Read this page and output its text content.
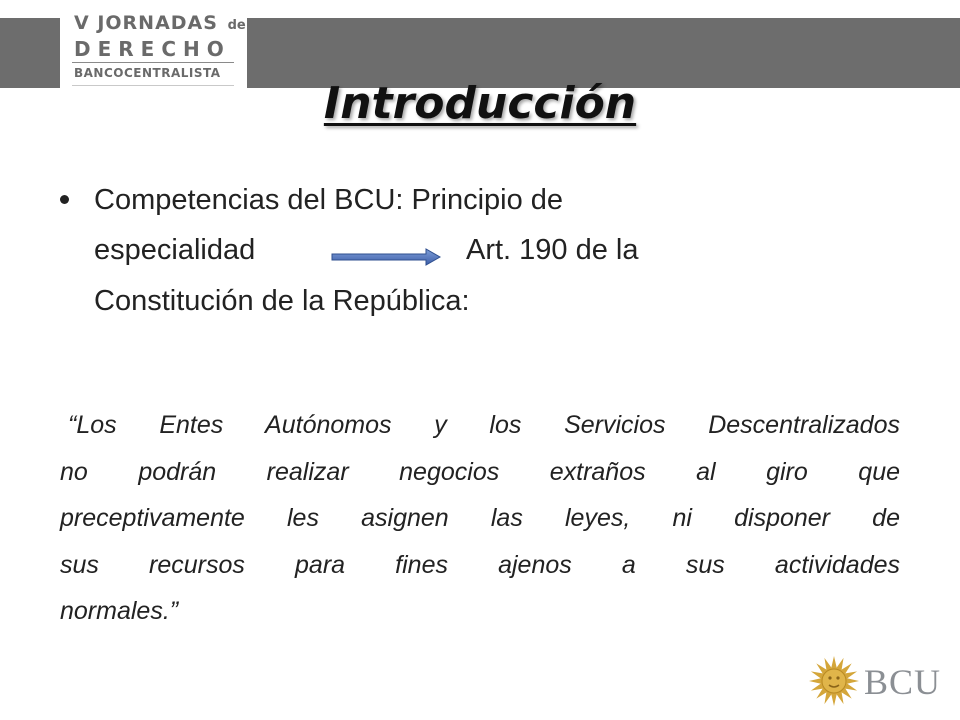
V JORNADAS de
DERECHO
BANCOCENTRALISTA
Introducción
Competencias del BCU: Principio de
especialidad	Art. 190 de la
Constitución de la República:
“Los Entes Autónomos y los Servicios Descentralizados
no podrán realizar negocios extraños al giro que
preceptivamente les asignen las leyes, ni disponer de
sus recursos para fines ajenos a sus actividades
normales.”
BCU
